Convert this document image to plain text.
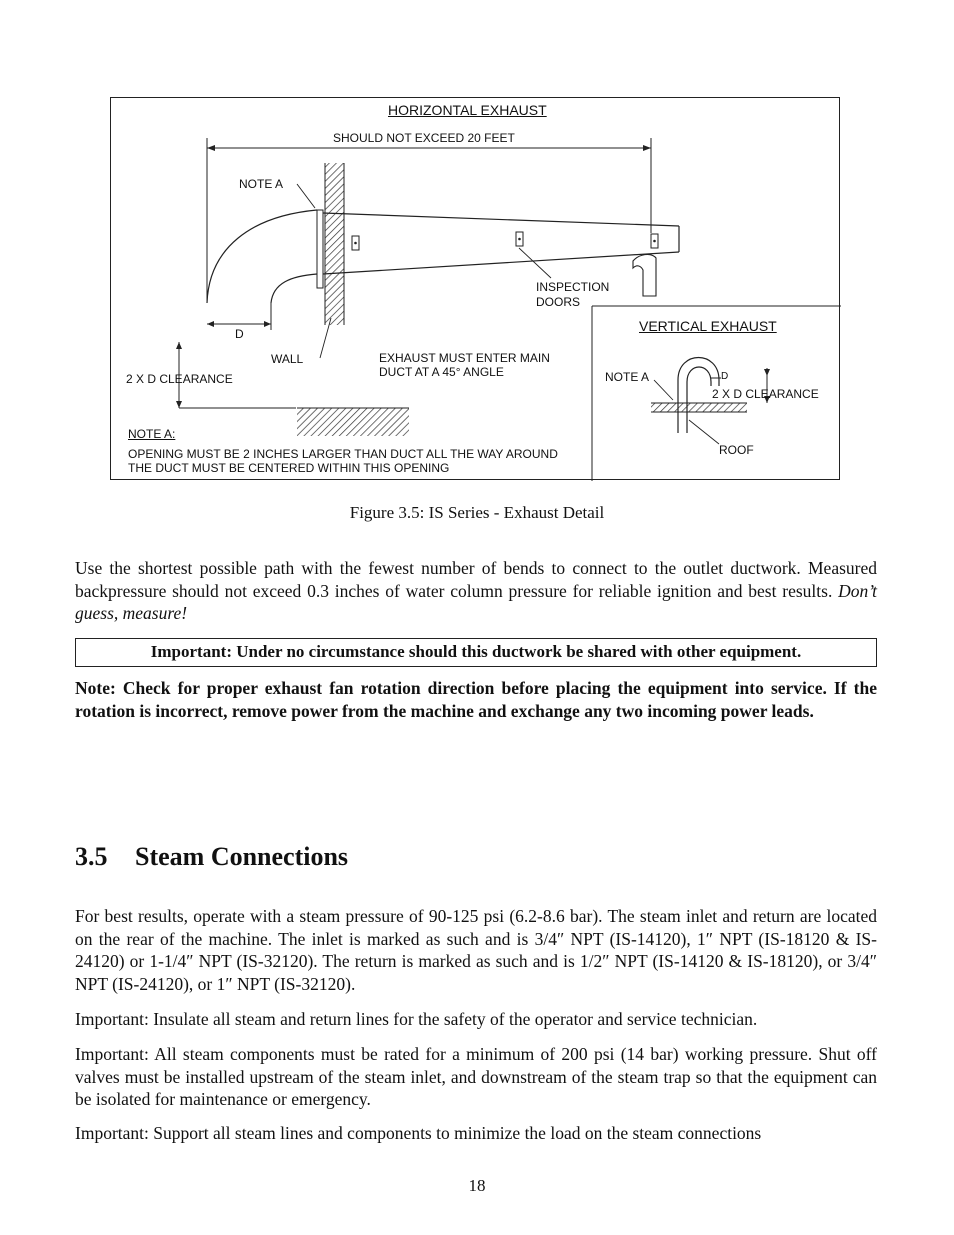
HORIZONTAL EXHAUST
SHOULD NOT EXCEED 20 FEET
NOTE A
INSPECTION
DOORS
D
WALL	EXHAUST MUST ENTER MAIN
DUCT AT A 45° ANGLE
2 X D CLEARANCE
NOTE A:
OPENING MUST BE 2 INCHES LARGER THAN DUCT ALL THE WAY AROUND
THE DUCT MUST BE CENTERED WITHIN THIS OPENING
VERTICAL EXHAUST
NOTE A	D
2 X D CLEARANCE
ROOF
Figure 3.5: IS Series - Exhaust Detail

Use the shortest possible path with the fewest number of bends to connect to the outlet ductwork. Measured backpressure should not exceed 0.3 inches of water column pressure for reliable ignition and best results. Don’t guess, measure!

Important: Under no circumstance should this ductwork be shared with other equipment.

Note: Check for proper exhaust fan rotation direction before placing the equipment into service. If the rotation is incorrect, remove power from the machine and exchange any two incoming power leads.

3.5 Steam Connections

For best results, operate with a steam pressure of 90-125 psi (6.2-8.6 bar). The steam inlet and return are located on the rear of the machine. The inlet is marked as such and is 3/4″ NPT (IS-14120), 1″ NPT (IS-18120 & IS-24120) or 1-1/4″ NPT (IS-32120). The return is marked as such and is 1/2″ NPT (IS-14120 & IS-18120), or 3/4″ NPT (IS-24120), or 1″ NPT (IS-32120).

Important: Insulate all steam and return lines for the safety of the operator and service technician.

Important: All steam components must be rated for a minimum of 200 psi (14 bar) working pressure. Shut off valves must be installed upstream of the steam inlet, and downstream of the steam trap so that the equipment can be isolated for maintenance or emergency.

Important: Support all steam lines and components to minimize the load on the steam connections

18
